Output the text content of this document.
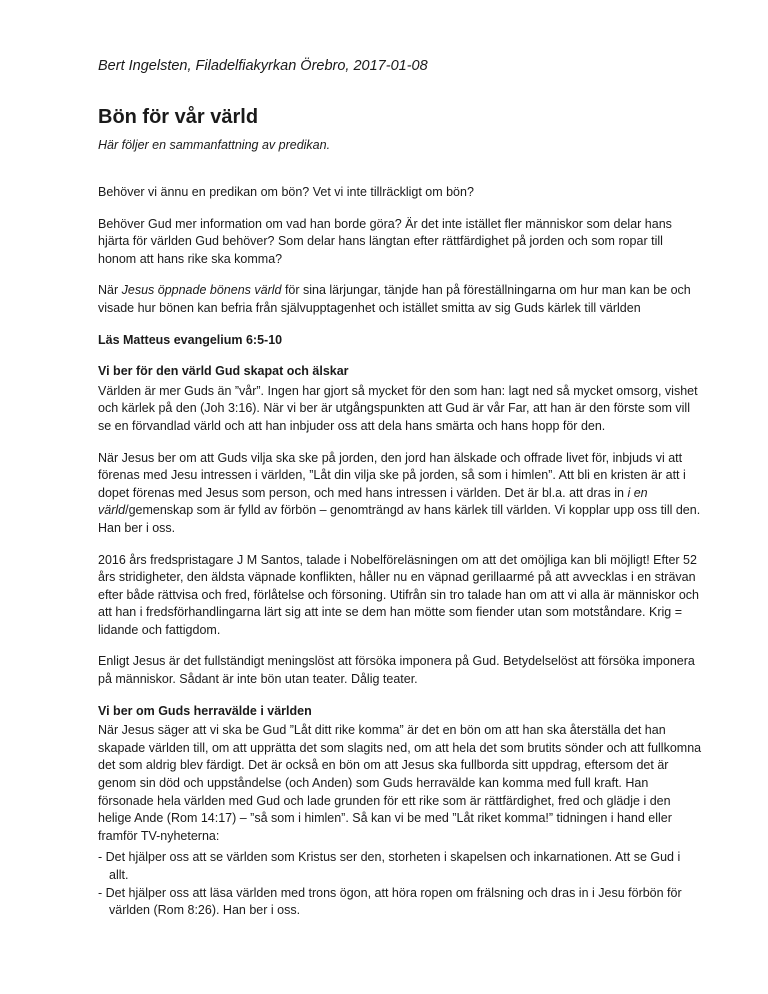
Bert Ingelsten, Filadelfiakyrkan Örebro, 2017-01-08
Bön för vår värld
Här följer en sammanfattning av predikan.

Behöver vi ännu en predikan om bön? Vet vi inte tillräckligt om bön?

Behöver Gud mer information om vad han borde göra? Är det inte istället fler människor som delar hans hjärta för världen Gud behöver? Som delar hans längtan efter rättfärdighet på jorden och som ropar till honom att hans rike ska komma?

När Jesus öppnade bönens värld för sina lärjungar, tänjde han på föreställningarna om hur man kan be och visade hur bönen kan befria från självupptagenhet och istället smitta av sig Guds kärlek till världen

Läs Matteus evangelium 6:5-10
Vi ber för den värld Gud skapat och älskar

Världen är mer Guds än ”vår”. Ingen har gjort så mycket för den som han: lagt ned så mycket omsorg, vishet och kärlek på den (Joh 3:16). När vi ber är utgångspunkten att Gud är vår Far, att han är den förste som vill se en förvandlad värld och att han inbjuder oss att dela hans smärta och hans hopp för den.

När Jesus ber om att Guds vilja ska ske på jorden, den jord han älskade och offrade livet för, inbjuds vi att förenas med Jesu intressen i världen, ”Låt din vilja ske på jorden, så som i himlen”. Att bli en kristen är att i dopet förenas med Jesus som person, och med hans intressen i världen. Det är bl.a. att dras in i en värld/gemenskap som är fylld av förbön – genomträngd av hans kärlek till världen. Vi kopplar upp oss till den. Han ber i oss.

2016 års fredspristagare J M Santos, talade i Nobelföreläsningen om att det omöjliga kan bli möjligt! Efter 52 års stridigheter, den äldsta väpnade konflikten, håller nu en väpnad gerillaarmé på att avvecklas i en strävan efter både rättvisa och fred, förlåtelse och försoning. Utifrån sin tro talade han om att vi alla är människor och att han i fredsförhandlingarna lärt sig att inte se dem han mötte som fiender utan som motståndare. Krig = lidande och fattigdom.

Enligt Jesus är det fullständigt meningslöst att försöka imponera på Gud. Betydelselöst att försöka imponera på människor. Sådant är inte bön utan teater. Dålig teater.

Vi ber om Guds herravälde i världen

När Jesus säger att vi ska be Gud ”Låt ditt rike komma” är det en bön om att han ska återställa det han skapade världen till, om att upprätta det som slagits ned, om att hela det som brutits sönder och att fullkomna det som aldrig blev färdigt. Det är också en bön om att Jesus ska fullborda sitt uppdrag, eftersom det är genom sin död och uppståndelse (och Anden) som Guds herravälde kan komma med full kraft. Han försonade hela världen med Gud och lade grunden för ett rike som är rättfärdighet, fred och glädje i den helige Ande (Rom 14:17) – ”så som i himlen”. Så kan vi be med ”Låt riket komma!” tidningen i hand eller framför TV-nyheterna:

- Det hjälper oss att se världen som Kristus ser den, storheten i skapelsen och inkarnationen. Att se Gud i allt.
- Det hjälper oss att läsa världen med trons ögon, att höra ropen om frälsning och dras in i Jesu förbön för världen (Rom 8:26). Han ber i oss.
